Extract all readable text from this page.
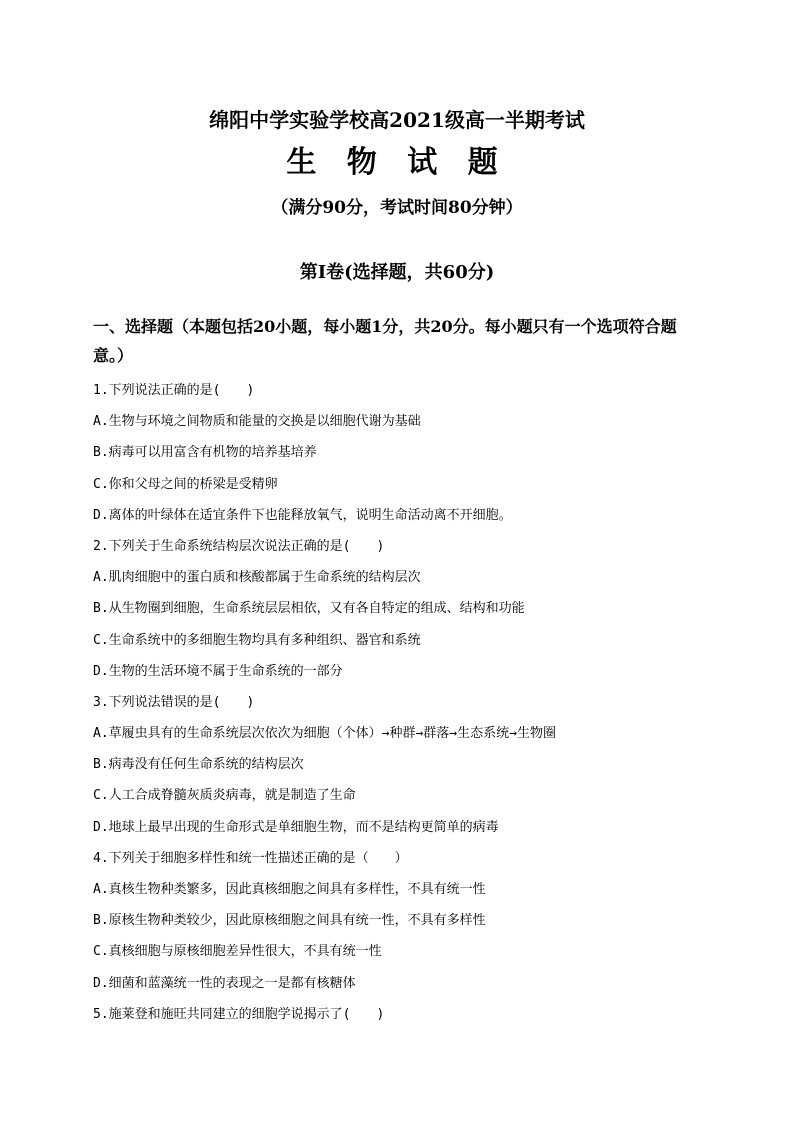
绵阳中学实验学校高2021级高一半期考试
生 物 试 题
（满分90分，考试时间80分钟）
第Ⅰ卷(选择题，共60分)
一、选择题（本题包括20小题，每小题1分，共20分。每小题只有一个选项符合题意。）
1.下列说法正确的是(　　)
A.生物与环境之间物质和能量的交换是以细胞代谢为基础
B.病毒可以用富含有机物的培养基培养
C.你和父母之间的桥梁是受精卵
D.离体的叶绿体在适宜条件下也能释放氧气，说明生命活动离不开细胞。
2.下列关于生命系统结构层次说法正确的是(　　)
A.肌肉细胞中的蛋白质和核酸都属于生命系统的结构层次
B.从生物圈到细胞，生命系统层层相依，又有各自特定的组成、结构和功能
C.生命系统中的多细胞生物均具有多种组织、器官和系统
D.生物的生活环境不属于生命系统的一部分
3.下列说法错误的是(　　)
A.草履虫具有的生命系统层次依次为细胞（个体）→种群→群落→生态系统→生物圈
B.病毒没有任何生命系统的结构层次
C.人工合成脊髓灰质炎病毒，就是制造了生命
D.地球上最早出现的生命形式是单细胞生物，而不是结构更简单的病毒
4.下列关于细胞多样性和统一性描述正确的是（　　）
A.真核生物种类繁多，因此真核细胞之间具有多样性，不具有统一性
B.原核生物种类较少，因此原核细胞之间具有统一性，不具有多样性
C.真核细胞与原核细胞差异性很大，不具有统一性
D.细菌和蓝藻统一性的表现之一是都有核糖体
5.施莱登和施旺共同建立的细胞学说揭示了(　　)
